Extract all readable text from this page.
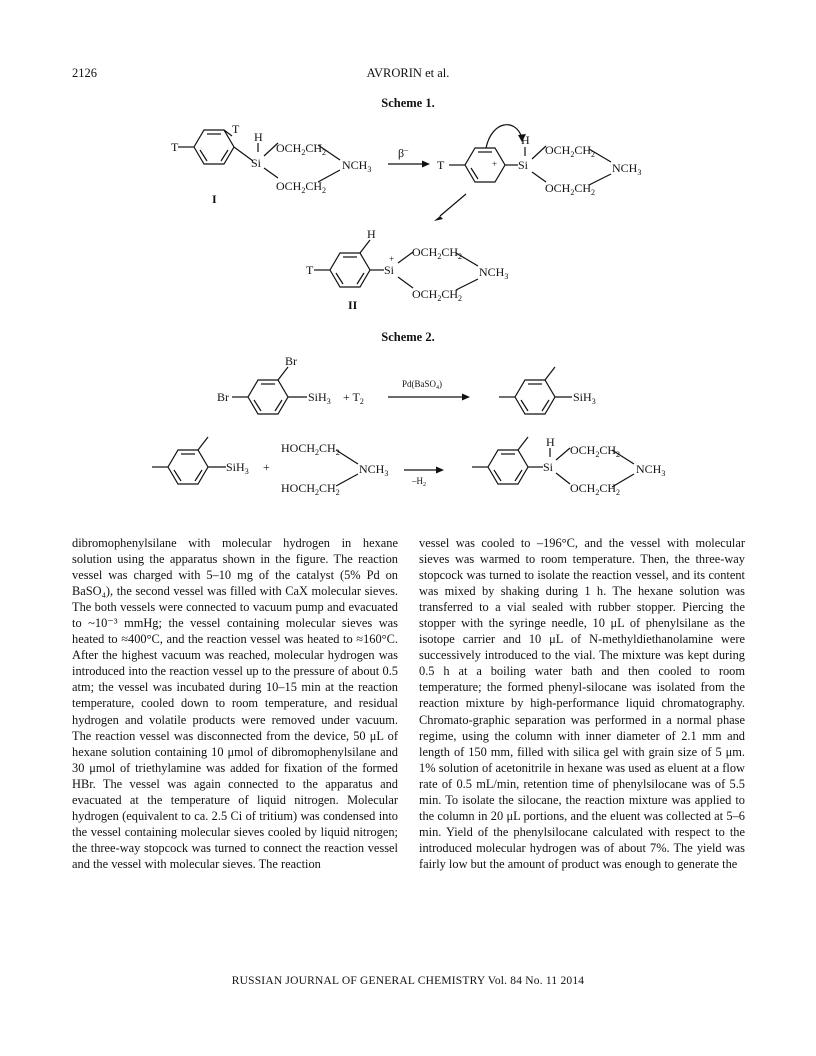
2126	AVRORIN et al.
Scheme 1.
T
T
H
Si
$OCH_2CH_2$
$NCH_3$
$OCH_2CH_2$
I
β–
T	+
H
Si
$OCH_2CH_2$
$NCH_3$
$OCH_2CH_2$
H
T
+
Si
$OCH_2CH_2$
$NCH_3$
$OCH_2CH_2$
II
Scheme 2.
Br
Br	$SiH_3 + T_2$
Pd(BaSO$_4$)
SiH$_3$
SiH$_3$ +
$HOCH_2CH_2$
$NCH_3$
$HOCH_2CH_2$
$-H_2$
H
Si
$OCH_2CH_2$
$NCH_3$
$OCH_2CH_2$

dibromophenylsilane with molecular hydrogen in hexane solution using the apparatus shown in the figure. The reaction vessel was charged with 5–10 mg of the catalyst (5% Pd on BaSO₄), the second vessel was filled with CaX molecular sieves. The both vessels were connected to vacuum pump and evacuated to ~10⁻³ mmHg; the vessel containing molecular sieves was heated to ≈400°C, and the reaction vessel was heated to ≈160°C. After the highest vacuum was reached, molecular hydrogen was introduced into the reaction vessel up to the pressure of about 0.5 atm; the vessel was incubated during 10–15 min at the reaction temperature, cooled down to room temperature, and residual hydrogen and volatile products were removed under vacuum. The reaction vessel was disconnected from the device, 50 μL of hexane solution containing 10 μmol of dibromophenylsilane and 30 μmol of triethylamine was added for fixation of the formed HBr. The vessel was again connected to the apparatus and evacuated at the temperature of liquid nitrogen. Molecular hydrogen (equivalent to ca. 2.5 Ci of tritium) was condensed into the vessel containing molecular sieves cooled by liquid nitrogen; the three-way stopcock was turned to connect the reaction vessel and the vessel with molecular sieves. The reaction

vessel was cooled to –196°C, and the vessel with molecular sieves was warmed to room temperature. Then, the three-way stopcock was turned to isolate the reaction vessel, and its content was mixed by shaking during 1 h. The hexane solution was transferred to a vial sealed with rubber stopper. Piercing the stopper with the syringe needle, 10 μL of phenylsilane as the isotope carrier and 10 μL of N-methyldiethanolamine were successively introduced to the vial. The mixture was kept during 0.5 h at a boiling water bath and then cooled to room temperature; the formed phenyl-silocane was isolated from the reaction mixture by high-performance liquid chromatography. Chromato-graphic separation was performed in a normal phase regime, using the column with inner diameter of 2.1 mm and length of 150 mm, filled with silica gel with grain size of 5 μm. 1% solution of acetonitrile in hexane was used as eluent at a flow rate of 0.5 mL/min, retention time of phenylsilocane was of 5.5 min. To isolate the silocane, the reaction mixture was applied to the column in 20 μL portions, and the eluent was collected at 5–6 min. Yield of the phenylsilocane calculated with respect to the introduced molecular hydrogen was of about 7%. The yield was fairly low but the amount of product was enough to generate the

RUSSIAN JOURNAL OF GENERAL CHEMISTRY Vol. 84 No. 11 2014
